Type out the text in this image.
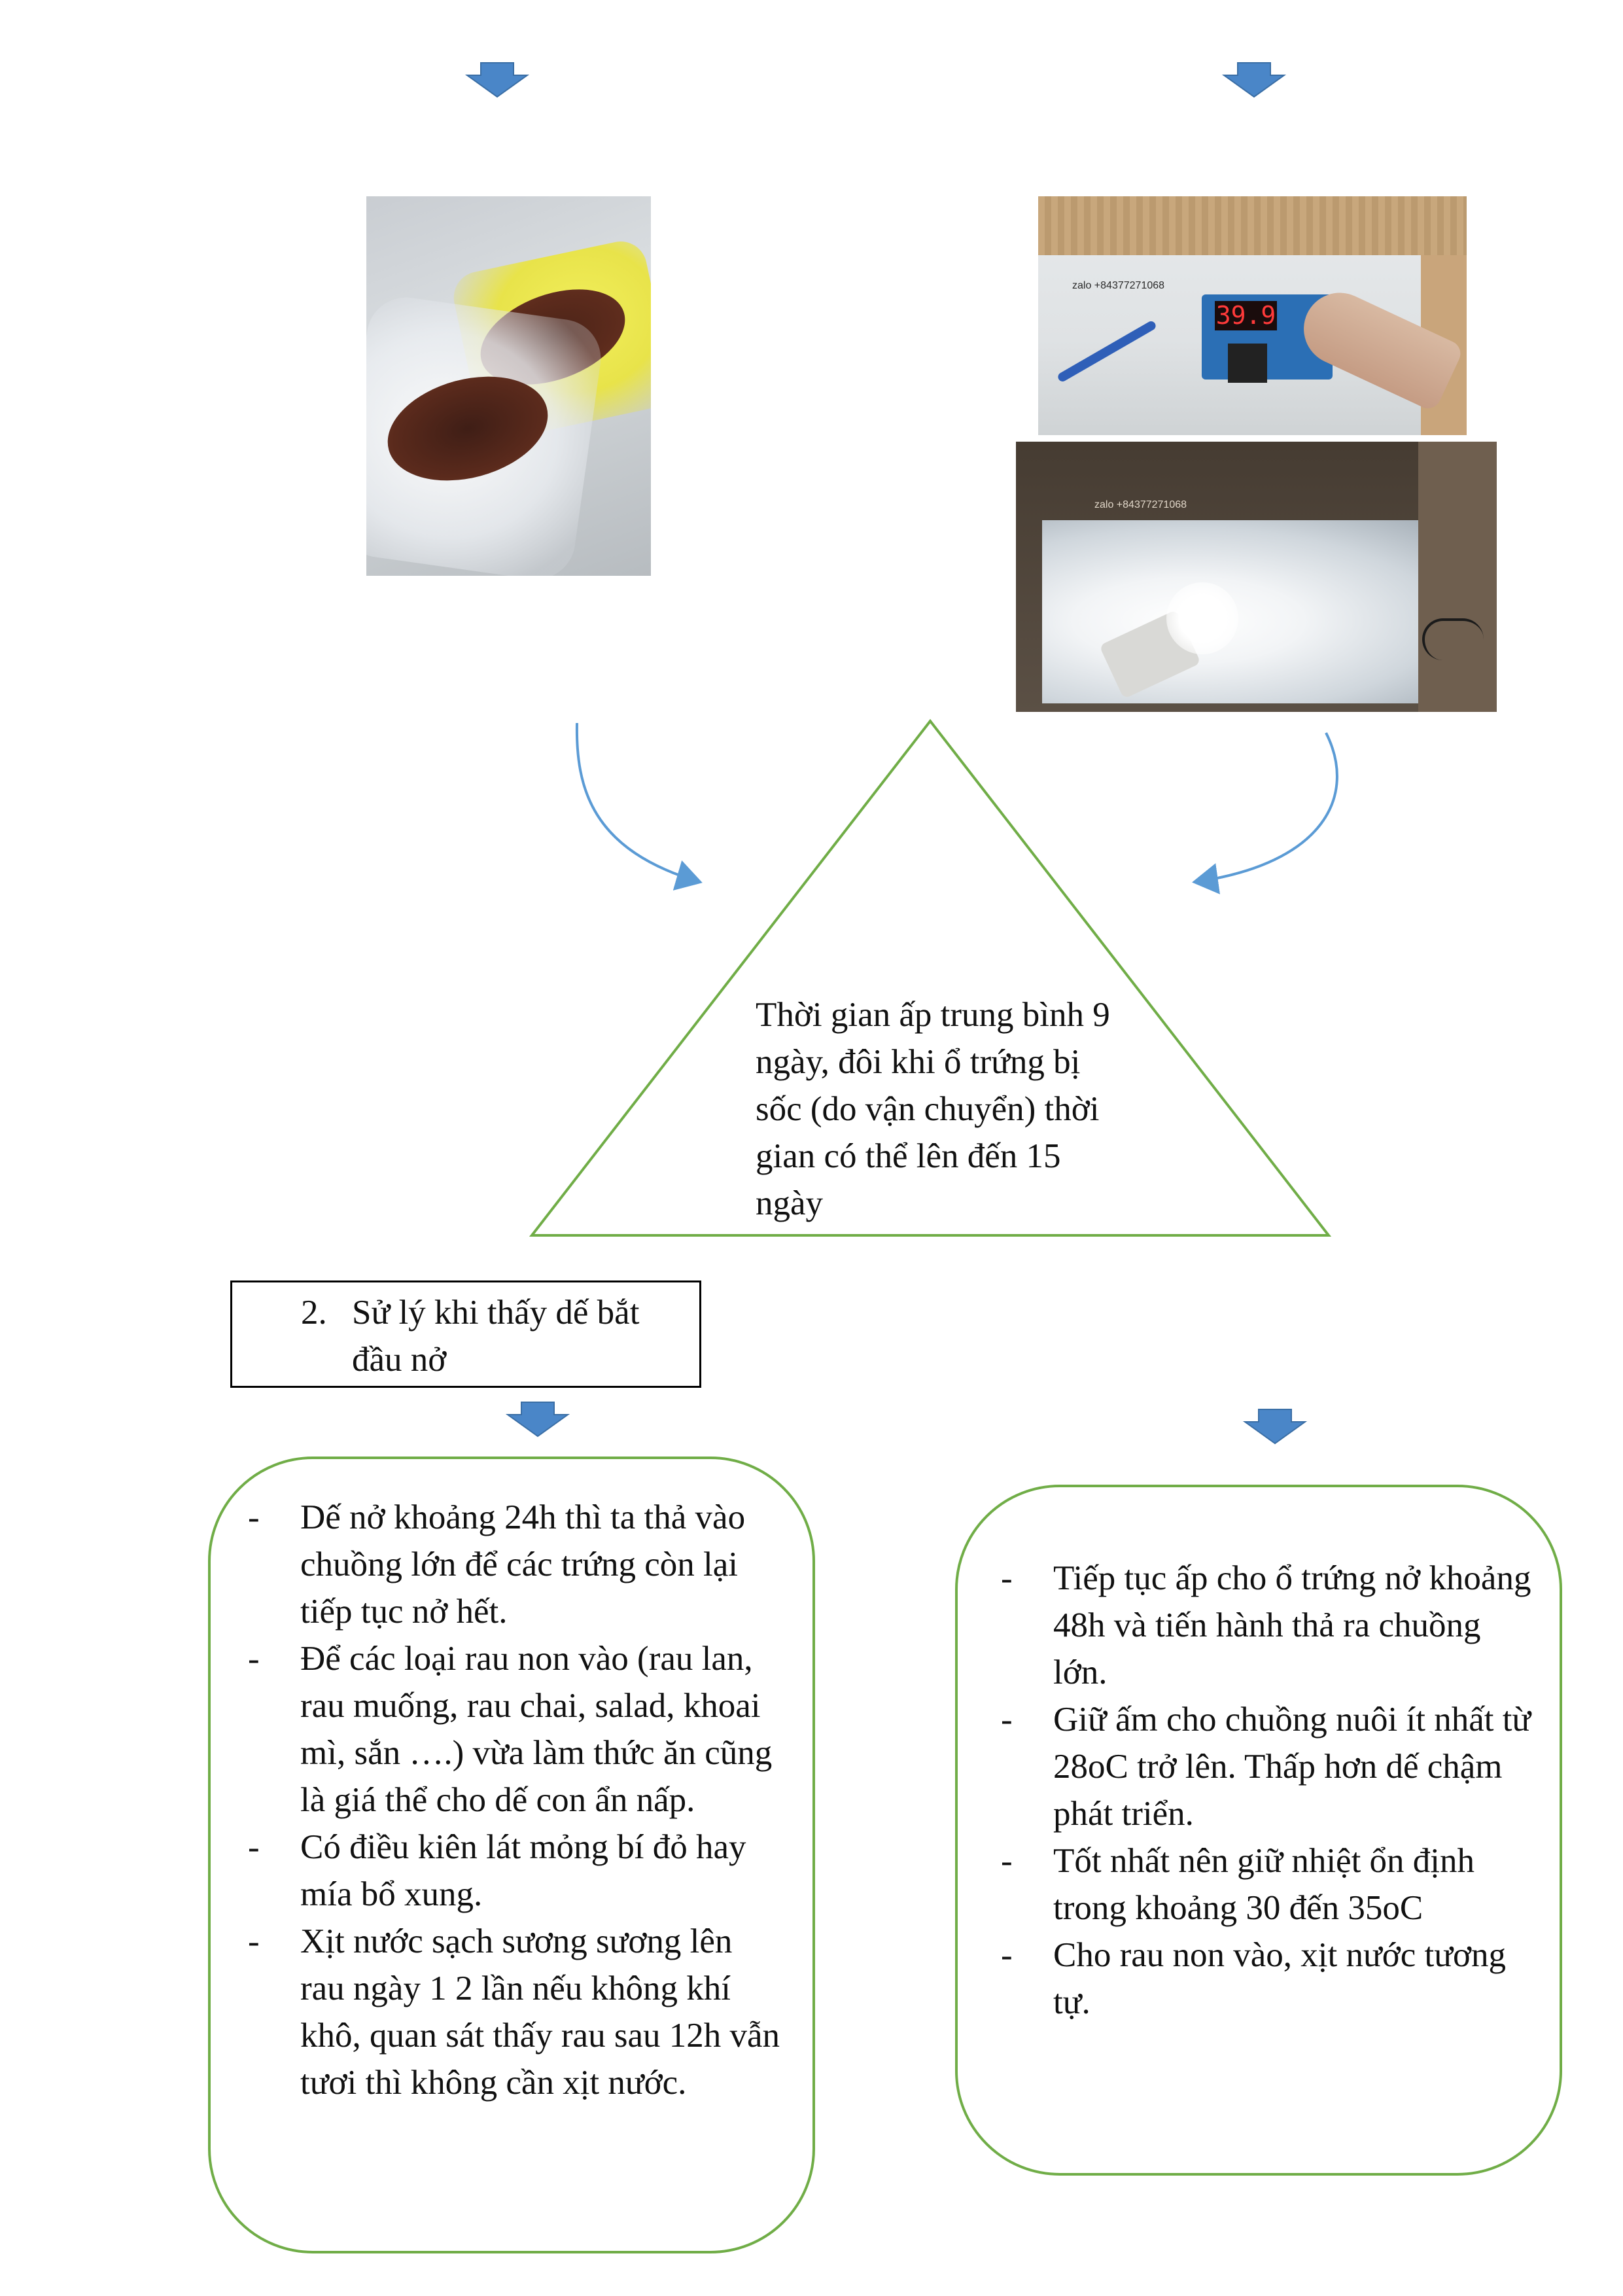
zalo +84377271068
39.9
zalo +84377271068
Thời gian ấp trung bình 9 ngày, đôi khi ổ trứng bị sốc (do vận chuyển) thời gian có thể lên đến 15 ngày
2. Sử lý khi thấy dế bắt đầu nở
- Dế nở khoảng 24h thì ta thả vào chuồng lớn để các trứng còn lại tiếp tục nở hết.
- Để các loại rau non vào (rau lan, rau muống, rau chai, salad, khoai mì, sắn ….) vừa làm thức ăn cũng là giá thể cho dế con ẩn nấp.
- Có điều kiên lát mỏng bí đỏ hay mía bổ xung.
- Xịt nước sạch sương sương lên rau ngày 1 2 lần nếu không khí khô, quan sát thấy rau sau 12h vẫn tươi thì không cần xịt nước.
- Tiếp tục ấp cho ổ trứng nở khoảng 48h và tiến hành thả ra chuồng lớn.
- Giữ ấm cho chuồng nuôi ít nhất từ 28oC trở lên. Thấp hơn dế chậm phát triển.
- Tốt nhất nên giữ nhiệt ổn định trong khoảng 30 đến 35oC
- Cho rau non vào, xịt nước tương tự.
